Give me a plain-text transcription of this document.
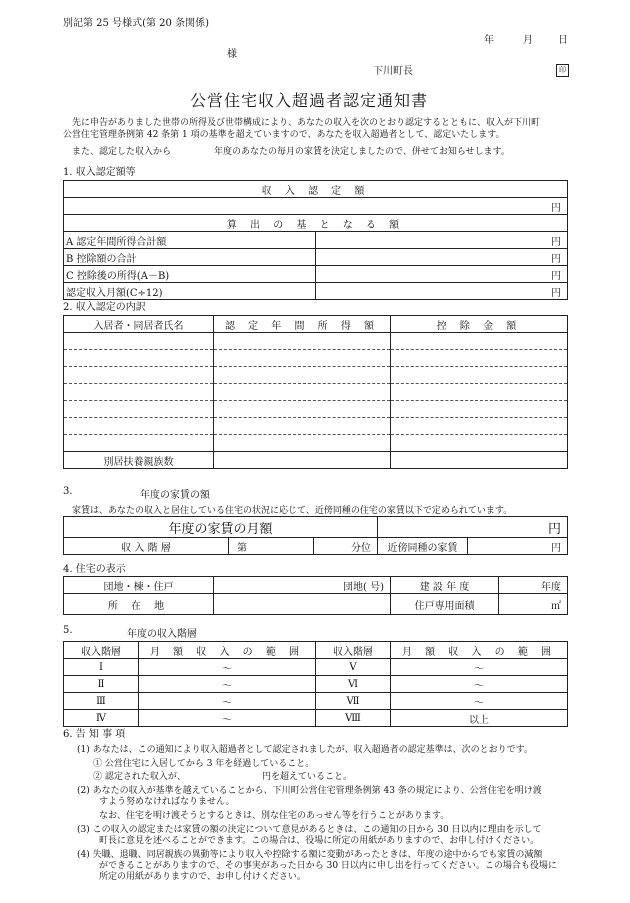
別記第 25 号様式(第 20 条関係)
年	月	日
様
下川町長	印
公営住宅収入超過者認定通知書
先に申告がありました世帯の所得及び世帯構成により、あなたの収入を次のとおり認定するとともに、収入が下川町
公営住宅管理条例第 42 条第 1 項の基準を超えていますので、あなたを収入超過者として、認定いたします。
また、認定した収入から	年度のあなたの毎月の家賃を決定しましたので、併せてお知らせします。
1. 収入認定額等
収 入 認 定 額	
円	
算 出 の 基 と な る 額	
A 認定年間所得合計額	円
B 控除額の合計	円
C 控除後の所得(A－B)	円
認定収入月額(C÷12)	円
2. 収入認定の内訳
入居者・同居者氏名	認 定 年 間 所 得 額	控 除 金 額

別居扶養親族数		
3.	年度の家賃の額
家賃は、あなたの収入と居住している住宅の状況に応じて、近傍同種の住宅の家賃以下で定められています。
年度の家賃の月額			円	
収 入 階 層	第	分位	近傍同種の家賃	円
4. 住宅の表示
団地・棟・住戸	団地( 号)	建 設 年 度	年度
所 在 地		住戸専用面積	㎡
5.	年度の収入階層
収入階層	月 額 収 入 の 範 囲	収入階層	月 額 収 入 の 範 囲
Ⅰ	～	Ⅴ	～
Ⅱ	～	Ⅵ	～
Ⅲ	～	Ⅶ	～
Ⅳ	～	Ⅷ	以上
6. 告 知 事 項
(1) あなたは、この通知により収入超過者として認定されましたが、収入超過者の認定基準は、次のとおりです。
① 公営住宅に入居してから 3 年を経過していること。
② 認定された収入が、	円を超えていること。
(2) あなたの収入が基準を越えていることから、下川町公営住宅管理条例第 43 条の規定により、公営住宅を明け渡
すよう努めなければなりません。
なお、住宅を明け渡そうとするときは、別な住宅のあっせん等を行うことがあります。
(3) この収入の認定または家賃の額の決定について意見があるときは、この通知の日から 30 日以内に理由を示して
町長に意見を述べることができます。この場合は、役場に所定の用紙がありますので、お申し付けください。
(4) 失職、退職、同居親族の異動等により収入や控除する額に変動があったときは、年度の途中からでも家賃の減額
ができることがありますので、その事実があった日から 30 日以内に申し出を行ってください。この場合も役場に
所定の用紙がありますので、お申し付けください。
